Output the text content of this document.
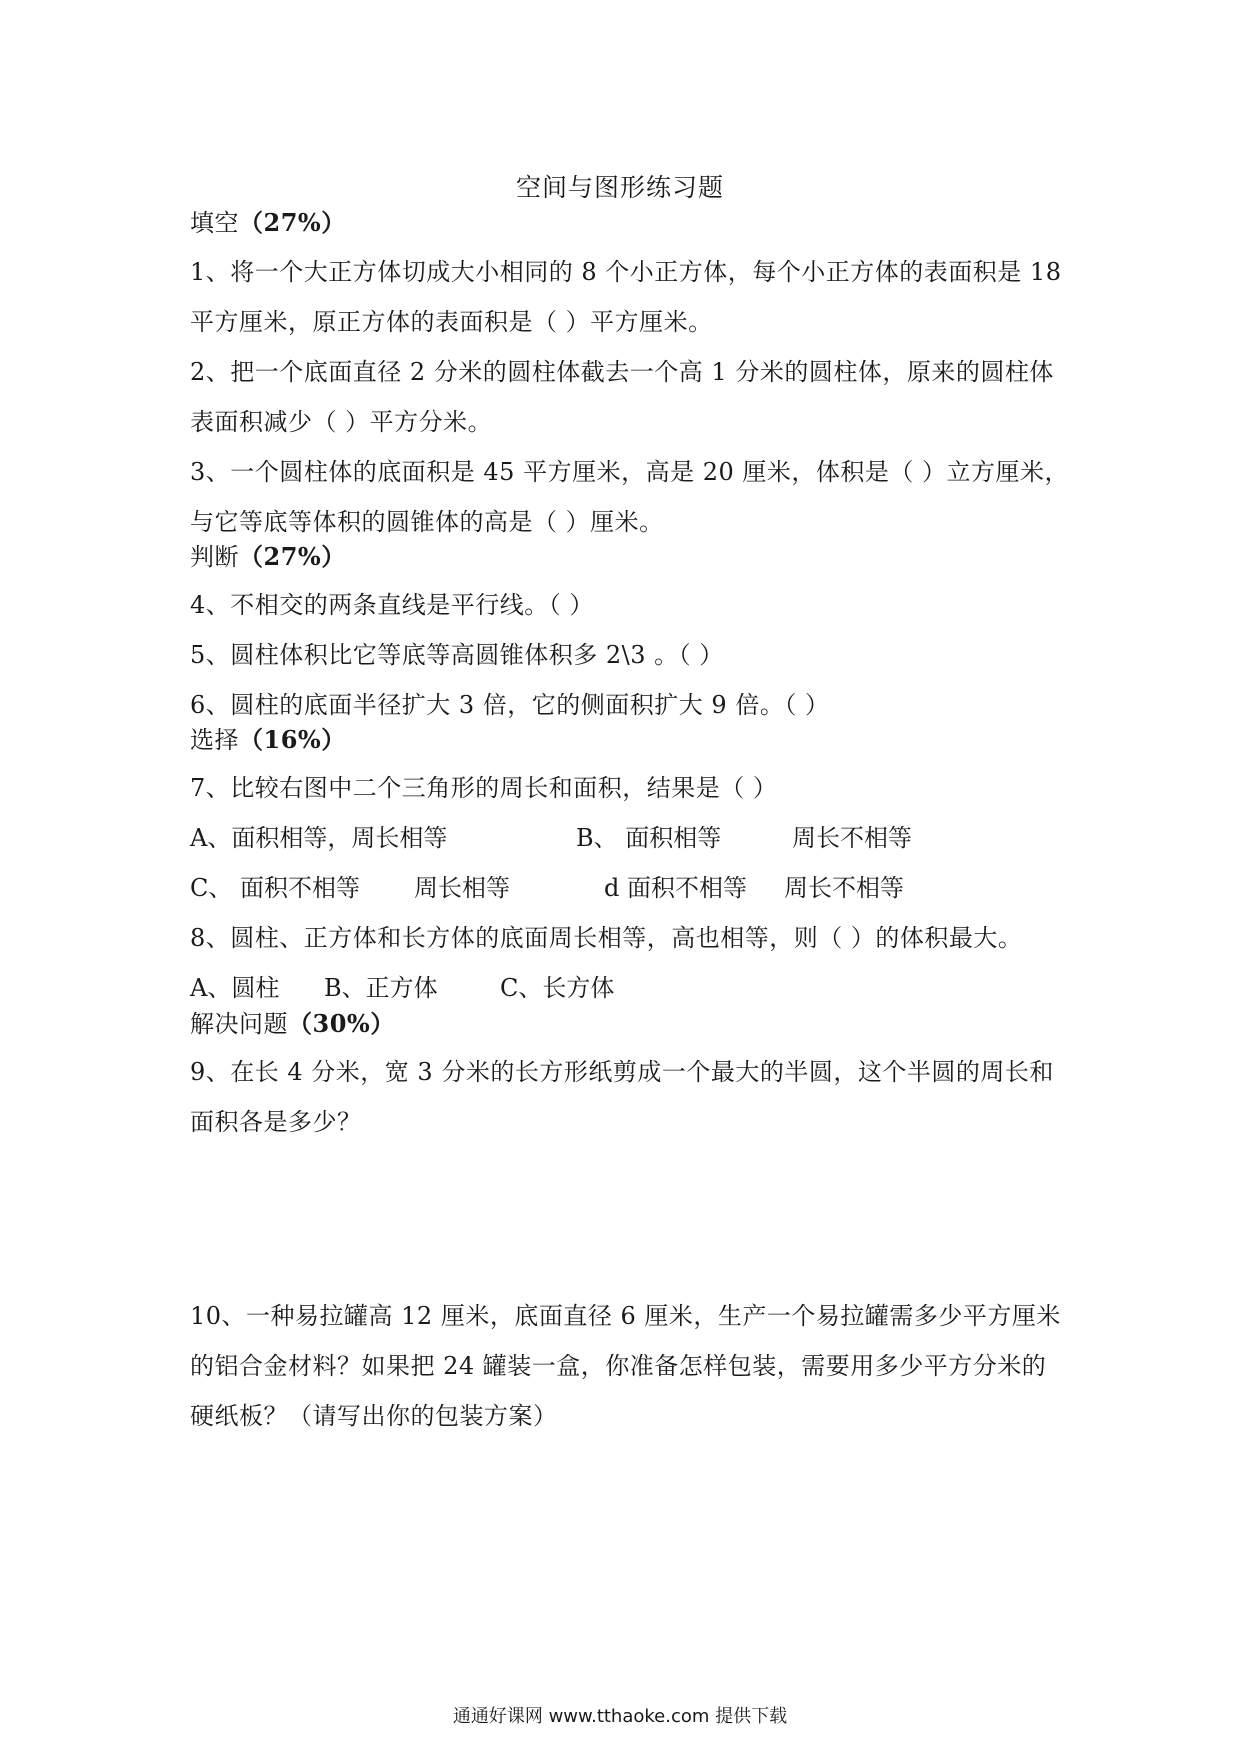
空间与图形练习题
填空（27%）
1、将一个大正方体切成大小相同的 8 个小正方体，每个小正方体的表面积是 18
平方厘米，原正方体的表面积是（ ）平方厘米。
2、把一个底面直径 2 分米的圆柱体截去一个高 1 分米的圆柱体，原来的圆柱体
表面积减少（ ）平方分米。
3、一个圆柱体的底面积是 45 平方厘米，高是 20 厘米，体积是（ ）立方厘米，
与它等底等体积的圆锥体的高是（ ）厘米。
判断（27%）
4、不相交的两条直线是平行线。（ ）
5、圆柱体积比它等底等高圆锥体积多 2\3 。（ ）
6、圆柱的底面半径扩大 3 倍，它的侧面积扩大 9 倍。（ ）
选择（16%）
7、比较右图中二个三角形的周长和面积，结果是（ ）
A、面积相等，周长相等	B、 面积相等	周长不相等
C、 面积不相等 周长相等	d 面积不相等 周长不相等
8、圆柱、正方体和长方体的底面周长相等，高也相等，则（ ）的体积最大。
A、圆柱 B、正方体	C、长方体
解决问题（30%）
9、在长 4 分米，宽 3 分米的长方形纸剪成一个最大的半圆，这个半圆的周长和
面积各是多少？
10、一种易拉罐高 12 厘米，底面直径 6 厘米，生产一个易拉罐需多少平方厘米
的铝合金材料？如果把 24 罐装一盒，你准备怎样包装，需要用多少平方分米的
硬纸板？（请写出你的包装方案）
通通好课网 www.tthaoke.com 提供下载
